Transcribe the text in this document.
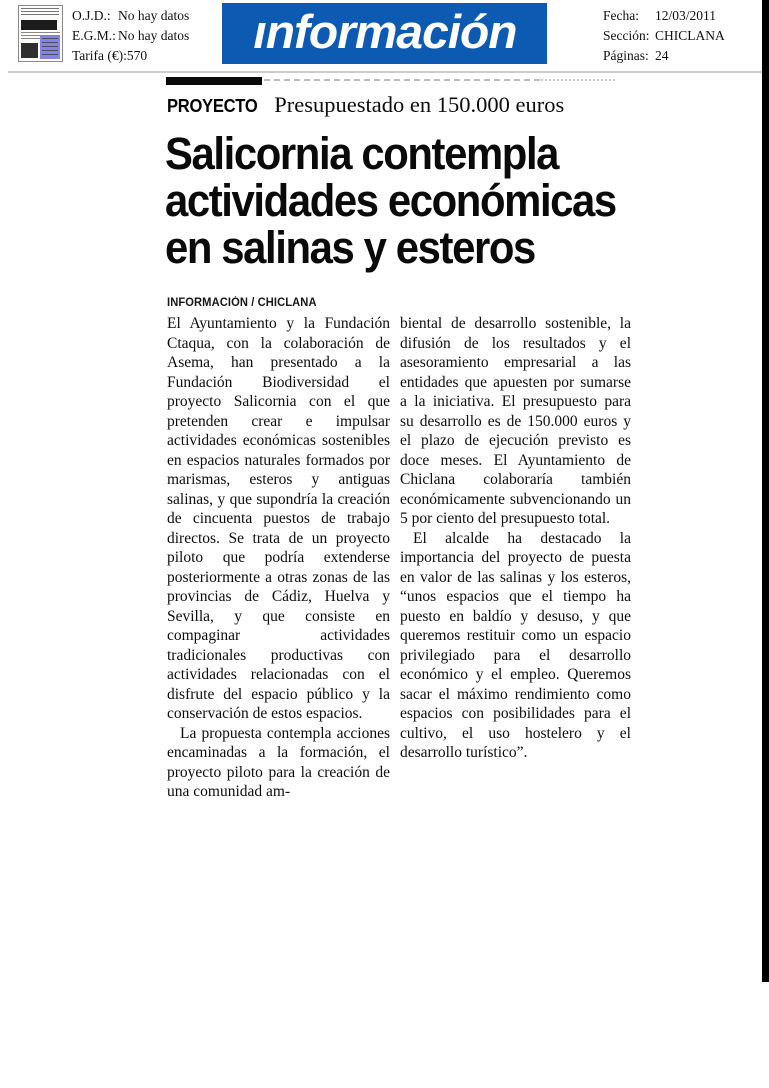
O.J.D.: No hay datos
E.G.M.: No hay datos
Tarifa (€): 570 ınformación	Fecha:	12/03/2011
Sección: CHICLANA
Páginas: 24
PROYECTO Presupuestado en 150.000 euros
Salicornia contempla
actividades económicas
en salinas y esteros
INFORMACIÓN / CHICLANA

El Ayuntamiento y la Fundación Ctaqua, con la colaboración de Asema, han presentado a la Fundación Biodiversidad el proyecto Salicornia con el que pretenden crear e impulsar actividades económicas sostenibles en espacios naturales formados por marismas, esteros y antiguas salinas, y que supondría la creación de cincuenta puestos de trabajo directos. Se trata de un proyecto piloto que podría extenderse posteriormente a otras zonas de las provincias de Cádiz, Huelva y Sevilla, y que consiste en compaginar actividades tradicionales productivas con actividades relacionadas con el disfrute del espacio público y la conservación de estos espacios.

La propuesta contempla acciones encaminadas a la formación, el proyecto piloto para la creación de una comunidad am-

biental de desarrollo sostenible, la difusión de los resultados y el asesoramiento empresarial a las entidades que apuesten por sumarse a la iniciativa. El presupuesto para su desarrollo es de 150.000 euros y el plazo de ejecución previsto es doce meses. El Ayuntamiento de Chiclana colaboraría también económicamente subvencionando un 5 por ciento del presupuesto total.

El alcalde ha destacado la importancia del proyecto de puesta en valor de las salinas y los esteros, “unos espacios que el tiempo ha puesto en baldío y desuso, y que queremos restituir como un espacio privilegiado para el desarrollo económico y el empleo. Queremos sacar el máximo rendimiento como espacios con posibilidades para el cultivo, el uso hostelero y el desarrollo turístico”.
